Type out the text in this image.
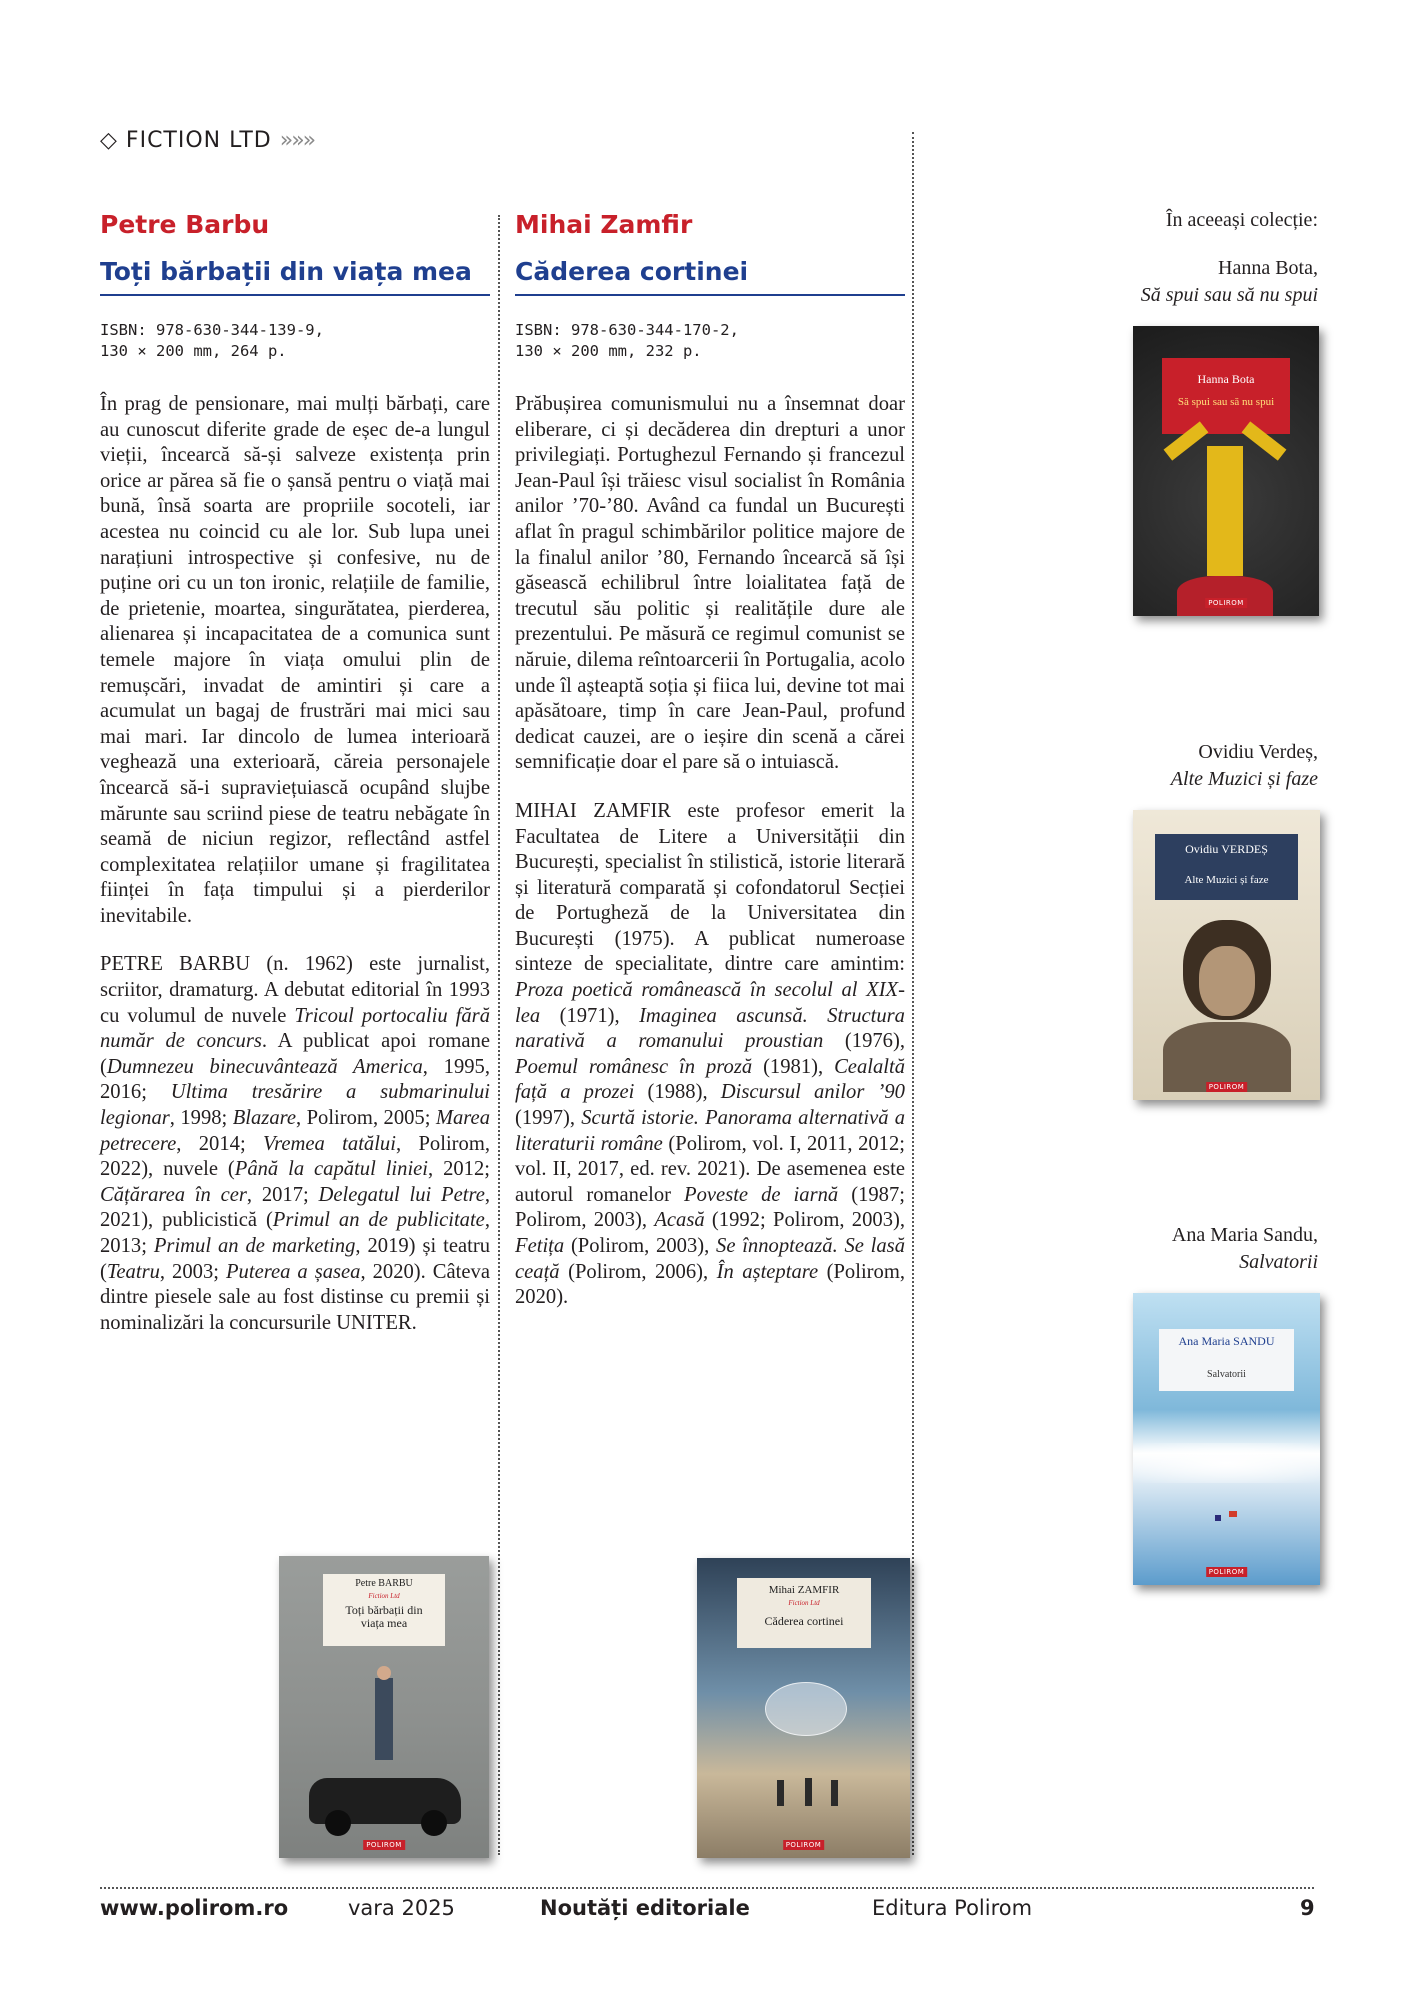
◇ FICTION LTD »»»
Petre Barbu
Toți bărbații din viața mea
ISBN: 978-630-344-139-9,
130 × 200 mm, 264 p.

În prag de pensionare, mai mulți bărbați, care au cunoscut diferite grade de eșec de-a lungul vieții, încearcă să-și salveze existența prin orice ar părea să fie o șansă pentru o viață mai bună, însă soarta are propriile socoteli, iar acestea nu coincid cu ale lor. Sub lupa unei narațiuni introspective și confesive, nu de puține ori cu un ton ironic, relațiile de familie, de prietenie, moartea, singurătatea, pierderea, alienarea și incapacitatea de a comunica sunt temele majore în viața omului plin de remușcări, invadat de amintiri și care a acumulat un bagaj de frustrări mai mici sau mai mari. Iar dincolo de lumea interioară veghează una exterioară, căreia personajele încearcă să-i supraviețuiască ocupând slujbe mărunte sau scriind piese de teatru nebăgate în seamă de niciun regizor, reflectând astfel complexitatea relațiilor umane și fragilitatea ființei în fața timpului și a pierderilor inevitabile.

PETRE BARBU (n. 1962) este jurnalist, scriitor, dramaturg. A debutat editorial în 1993 cu volumul de nuvele Tricoul portocaliu fără număr de concurs. A publicat apoi romane (Dumnezeu binecuvântează America, 1995, 2016; Ultima tresărire a submarinului legionar, 1998; Blazare, Polirom, 2005; Marea petrecere, 2014; Vremea tatălui, Polirom, 2022), nuvele (Până la capătul liniei, 2012; Cățărarea în cer, 2017; Delegatul lui Petre, 2021), publicistică (Primul an de publicitate, 2013; Primul an de marketing, 2019) și teatru (Teatru, 2003; Puterea a șasea, 2020). Câteva dintre piesele sale au fost distinse cu premii și nominalizări la concursurile UNITER.

Mihai Zamfir
Căderea cortinei
ISBN: 978-630-344-170-2,
130 × 200 mm, 232 p.

Prăbușirea comunismului nu a însemnat doar eliberare, ci și decăderea din drepturi a unor privilegiați. Portughezul Fernando și francezul Jean-Paul își trăiesc visul socialist în România anilor ’70-’80. Având ca fundal un București aflat în pragul schimbărilor politice majore de la finalul anilor ’80, Fernando încearcă să își găsească echilibrul între loialitatea față de trecutul său politic și realitățile dure ale prezentului. Pe măsură ce regimul comunist se năruie, dilema reîntoarcerii în Portugalia, acolo unde îl așteaptă soția și fiica lui, devine tot mai apăsătoare, timp în care Jean-Paul, profund dedicat cauzei, are o ieșire din scenă a cărei semnificație doar el pare să o intuiască.

MIHAI ZAMFIR este profesor emerit la Facultatea de Litere a Universității din București, specialist în stilistică, istorie literară și literatură comparată și cofondatorul Secției de Portugheză de la Universitatea din București (1975). A publicat numeroase sinteze de specialitate, dintre care amintim: Proza poetică românească în secolul al XIX-lea (1971), Imaginea ascunsă. Structura narativă a romanului proustian (1976), Poemul românesc în proză (1981), Cealaltă față a prozei (1988), Discursul anilor ’90 (1997), Scurtă istorie. Panorama alternativă a literaturii române (Polirom, vol. I, 2011, 2012; vol. II, 2017, ed. rev. 2021). De asemenea este autorul romanelor Poveste de iarnă (1987; Polirom, 2003), Acasă (1992; Polirom, 2003), Fetița (Polirom, 2003), Se înnoptează. Se lasă ceață (Polirom, 2006), În așteptare (Polirom, 2020).

Petre BARBU
Fiction Ltd
Toți bărbații din viața mea
POLIROM
Mihai ZAMFIR
Fiction Ltd
Căderea cortinei
POLIROM
În aceeași colecție:
Hanna Bota,
Să spui sau să nu spui
Hanna Bota
Să spui sau să nu spui
POLIROM
Ovidiu Verdeș,
Alte Muzici și faze
Ovidiu VERDEȘ
Alte Muzici și faze
POLIROM
Ana Maria Sandu,
Salvatorii
Ana Maria SANDU
Salvatorii
POLIROM
www.polirom.ro	vara 2025	Noutăți editoriale	Editura Polirom	9
